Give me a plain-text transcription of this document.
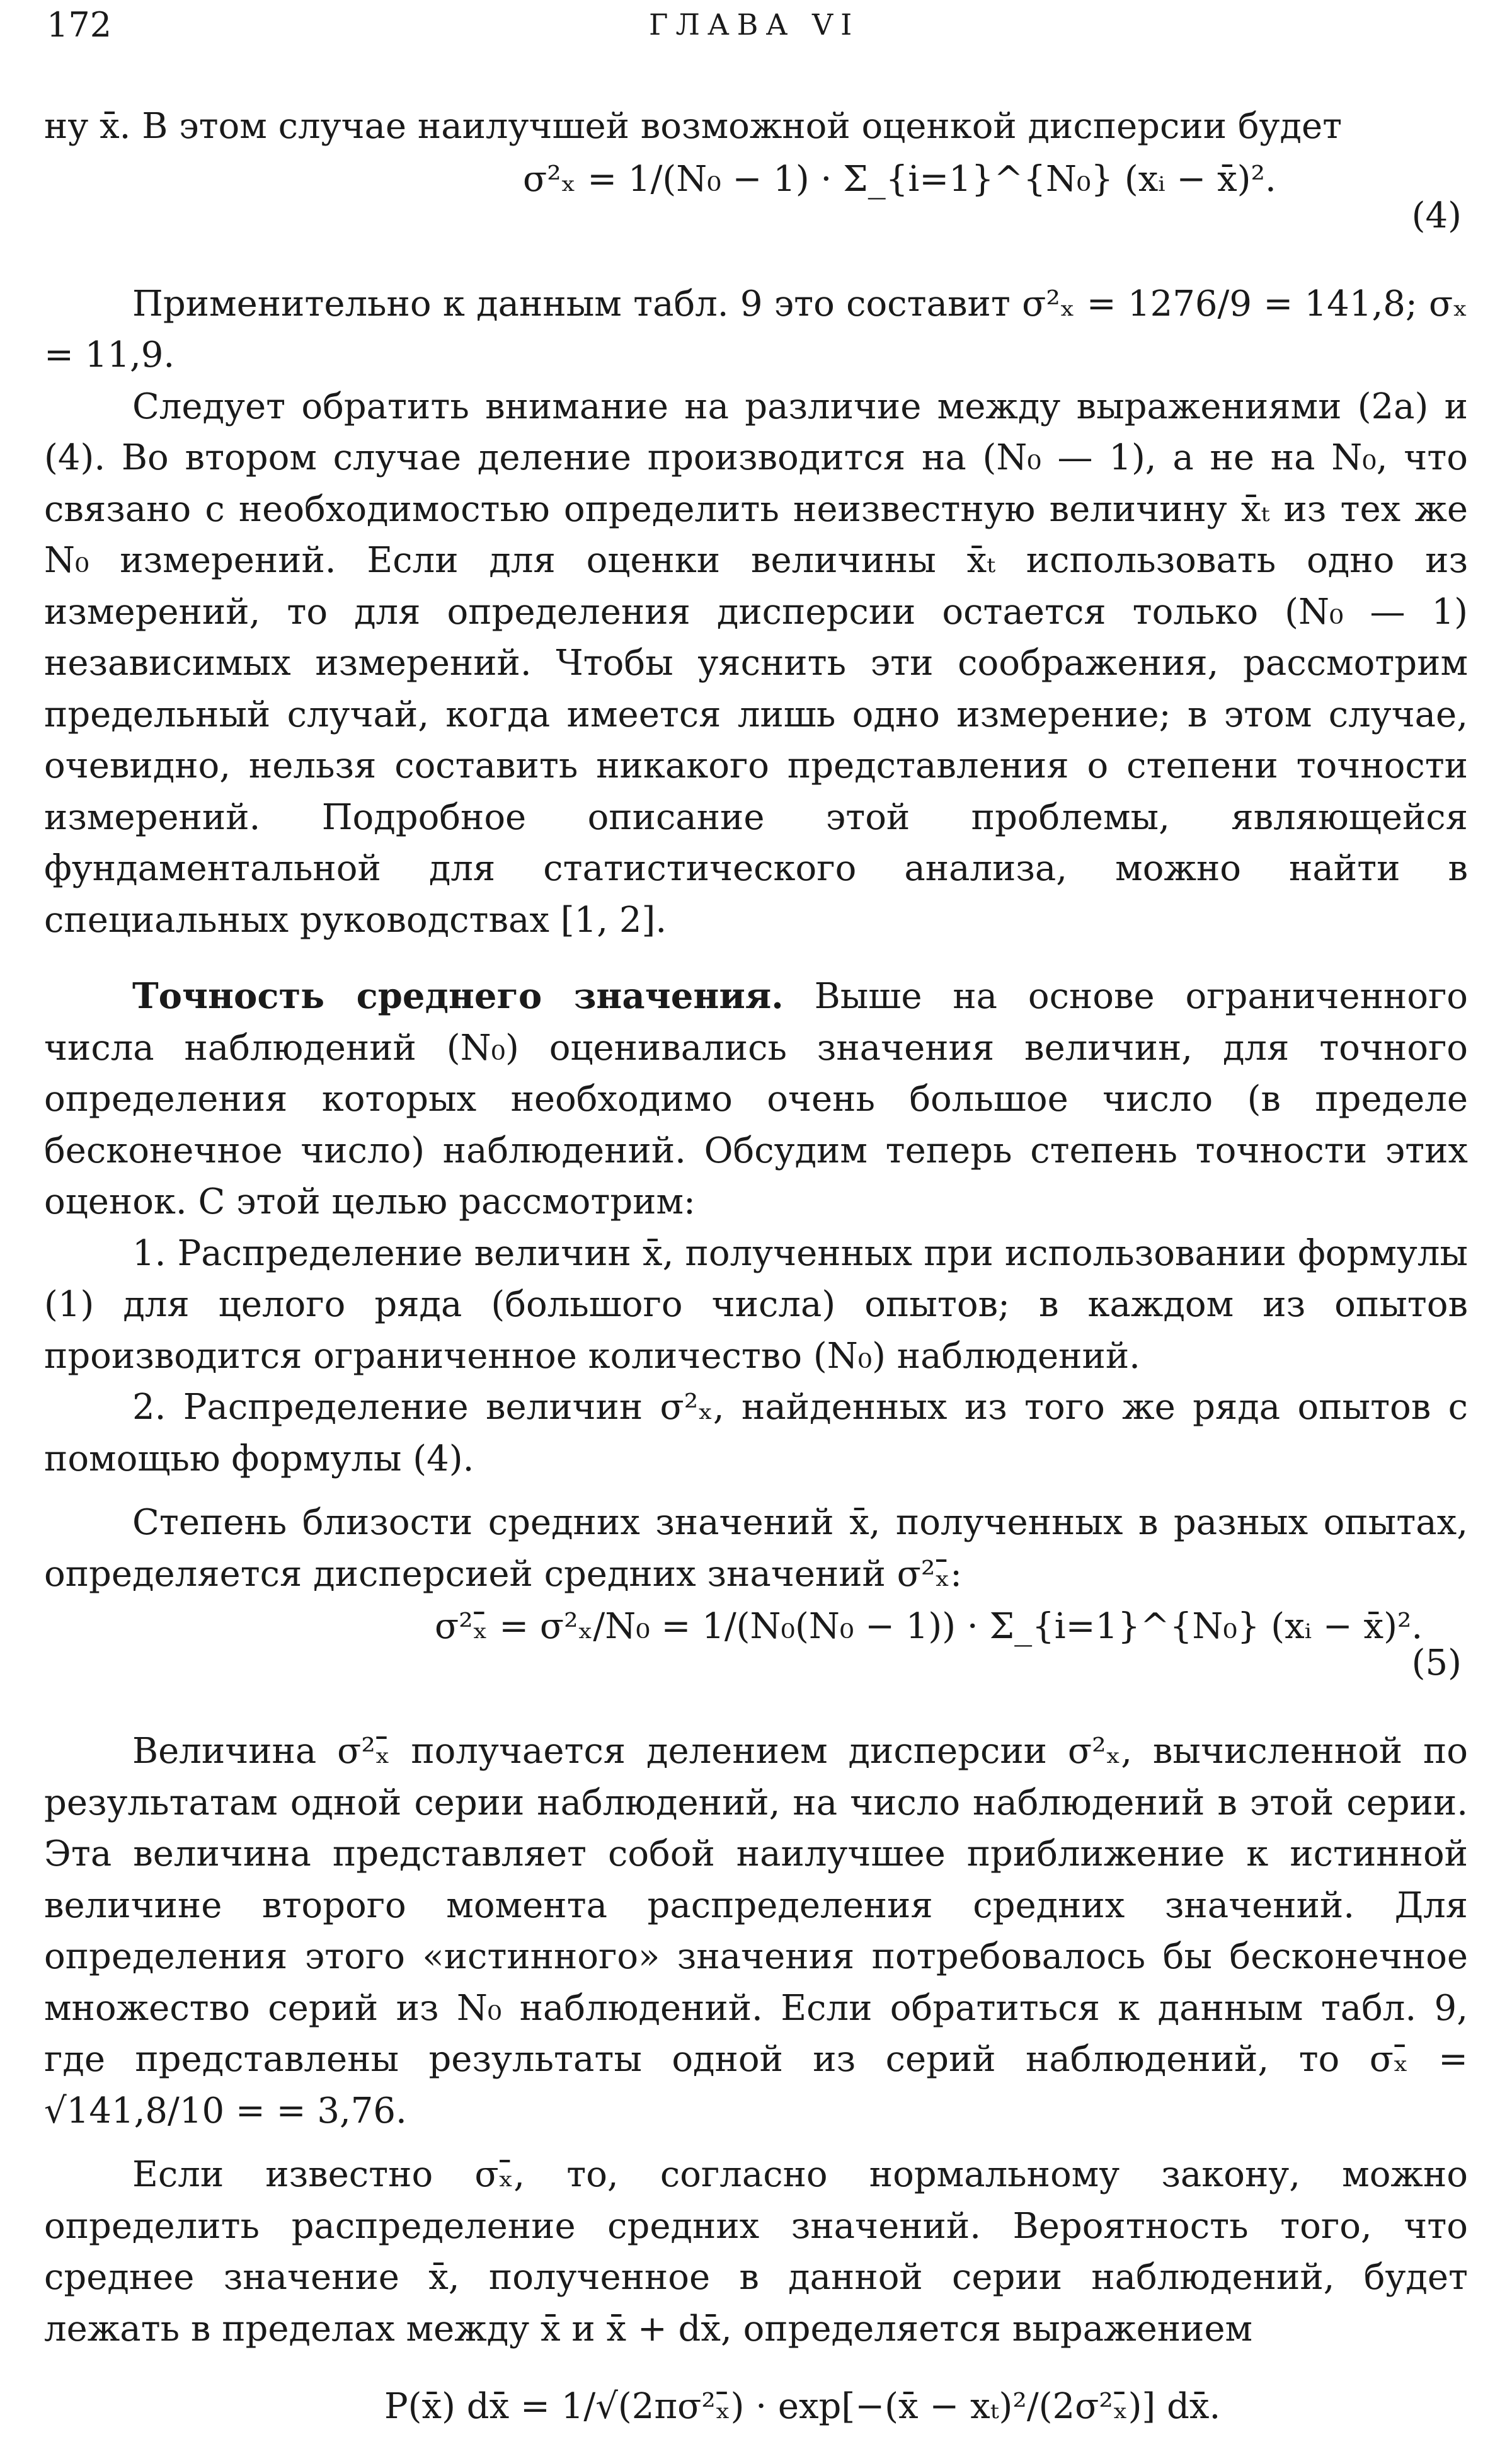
172	ГЛАВА VI
ну x̄. В этом случае наилучшей возможной оценкой дисперсии будет
σ²ₓ = 1/(N₀ − 1) · Σ_{i=1}^{N₀} (xᵢ − x̄)².
(4)
Применительно к данным табл. 9 это составит σ²ₓ = 1276/9 = 141,8; σₓ = 11,9.
Следует обратить внимание на различие между выражениями (2а) и (4). Во втором случае деление производится на (N₀ — 1), а не на N₀, что связано с необходимостью определить неизвестную величину x̄ₜ из тех же N₀ измерений. Если для оценки величины x̄ₜ использовать одно из измерений, то для определения дисперсии остается только (N₀ — 1) независимых измерений. Чтобы уяснить эти соображения, рассмотрим предельный случай, когда имеется лишь одно измерение; в этом случае, очевидно, нельзя составить никакого представления о степени точности измерений. Подробное описание этой проблемы, являющейся фундаментальной для статистического анализа, можно найти в специальных руководствах [1, 2].
Точность среднего значения. Выше на основе ограниченного числа наблюдений (N₀) оценивались значения величин, для точного определения которых необходимо очень большое число (в пределе бесконечное число) наблюдений. Обсудим теперь степень точности этих оценок. С этой целью рассмотрим:
1. Распределение величин x̄, полученных при использовании формулы (1) для целого ряда (большого числа) опытов; в каждом из опытов производится ограниченное количество (N₀) наблюдений.
2. Распределение величин σ²ₓ, найденных из того же ряда опытов с помощью формулы (4).
Степень близости средних значений x̄, полученных в разных опытах, определяется дисперсией средних значений σ²ₓ̄:
σ²ₓ̄ = σ²ₓ/N₀ = 1/(N₀(N₀ − 1)) · Σ_{i=1}^{N₀} (xᵢ − x̄)².
(5)
Величина σ²ₓ̄ получается делением дисперсии σ²ₓ, вычисленной по результатам одной серии наблюдений, на число наблюдений в этой серии. Эта величина представляет собой наилучшее приближение к истинной величине второго момента распределения средних значений. Для определения этого «истинного» значения потребовалось бы бесконечное множество серий из N₀ наблюдений. Если обратиться к данным табл. 9, где представлены результаты одной из серий наблюдений, то σₓ̄ = √141,8/10 = = 3,76.
Если известно σₓ̄, то, согласно нормальному закону, можно определить распределение средних значений. Вероятность того, что среднее значение x̄, полученное в данной серии наблюдений, будет лежать в пределах между x̄ и x̄ + dx̄, определяется выражением
P(x̄) dx̄ = 1/√(2πσ²ₓ̄) · exp[−(x̄ − xₜ)²/(2σ²ₓ̄)] dx̄.
